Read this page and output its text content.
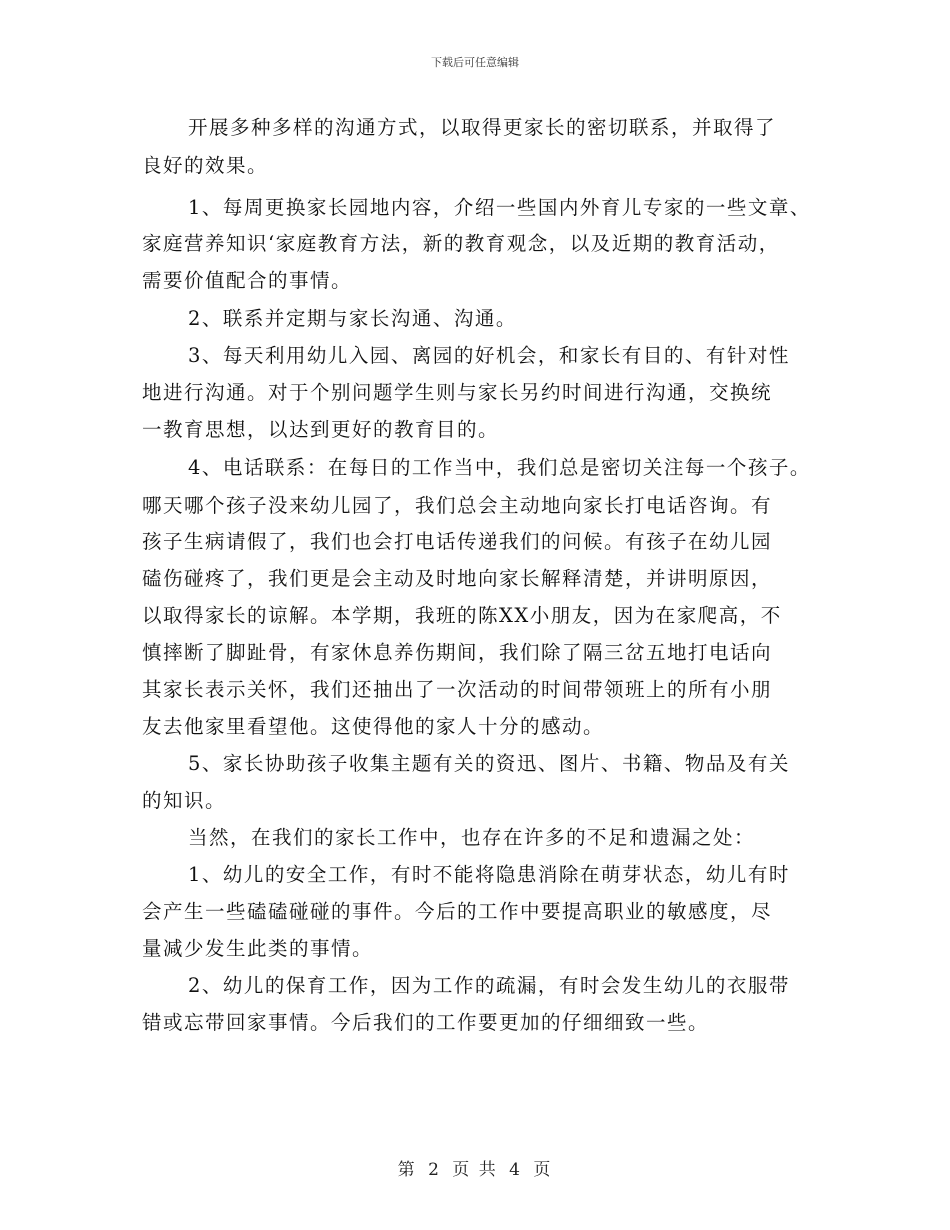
下载后可任意编辑
开展多种多样的沟通方式，以取得更家长的密切联系，并取得了
良好的效果。
1、每周更换家长园地内容，介绍一些国内外育儿专家的一些文章、
家庭营养知识‘家庭教育方法，新的教育观念，以及近期的教育活动，
需要价值配合的事情。
2、联系并定期与家长沟通、沟通。
3、每天利用幼儿入园、离园的好机会，和家长有目的、有针对性
地进行沟通。对于个别问题学生则与家长另约时间进行沟通，交换统
一教育思想，以达到更好的教育目的。
4、电话联系：在每日的工作当中，我们总是密切关注每一个孩子。
哪天哪个孩子没来幼儿园了，我们总会主动地向家长打电话咨询。有
孩子生病请假了，我们也会打电话传递我们的问候。有孩子在幼儿园
磕伤碰疼了，我们更是会主动及时地向家长解释清楚，并讲明原因，
以取得家长的谅解。本学期，我班的陈XX小朋友，因为在家爬高，不
慎摔断了脚趾骨，有家休息养伤期间，我们除了隔三岔五地打电话向
其家长表示关怀，我们还抽出了一次活动的时间带领班上的所有小朋
友去他家里看望他。这使得他的家人十分的感动。
5、家长协助孩子收集主题有关的资迅、图片、书籍、物品及有关
的知识。
当然，在我们的家长工作中，也存在许多的不足和遗漏之处：
1、幼儿的安全工作，有时不能将隐患消除在萌芽状态，幼儿有时
会产生一些磕磕碰碰的事件。今后的工作中要提高职业的敏感度，尽
量减少发生此类的事情。
2、幼儿的保育工作，因为工作的疏漏，有时会发生幼儿的衣服带
错或忘带回家事情。今后我们的工作要更加的仔细细致一些。
第 2 页 共 4 页
